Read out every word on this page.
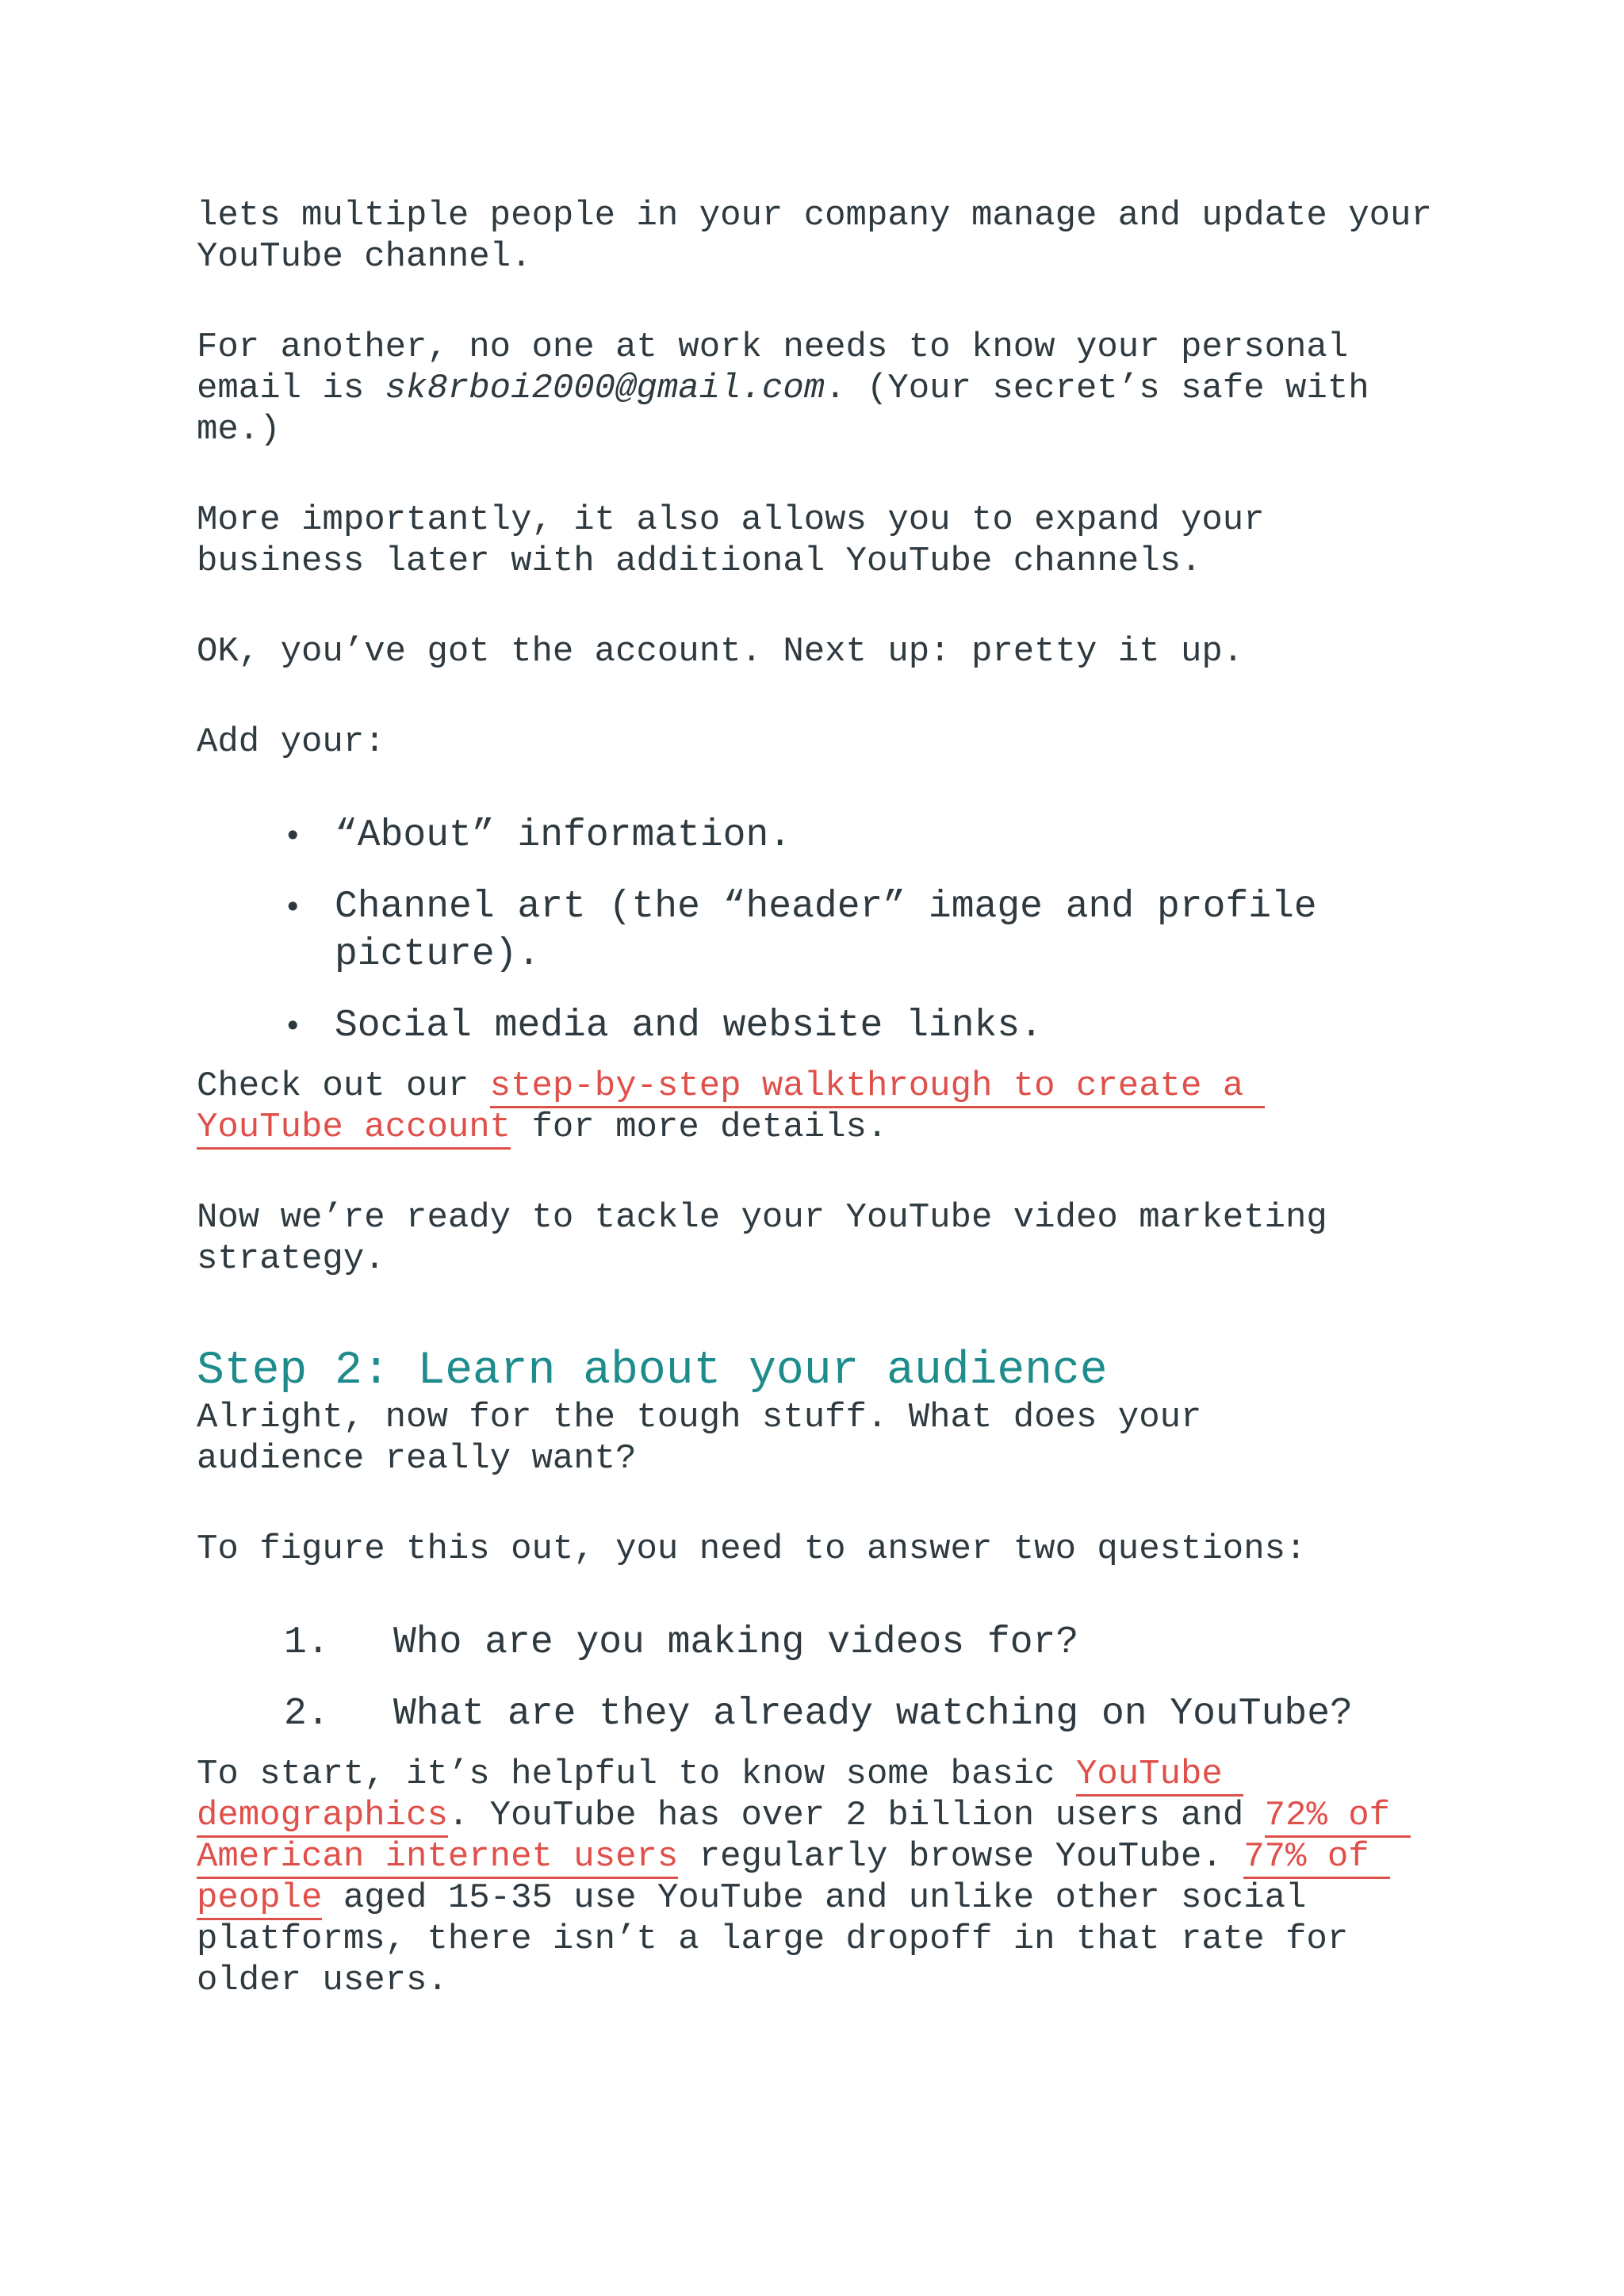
lets multiple people in your company manage and update your YouTube channel.

For another, no one at work needs to know your personal email is sk8rboi2000@gmail.com. (Your secret’s safe with me.)

More importantly, it also allows you to expand your business later with additional YouTube channels.

OK, you’ve got the account. Next up: pretty it up.

Add your:

• “About” information.
• Channel art (the “header” image and profile picture).
• Social media and website links.

Check out our step-by-step walkthrough to create a YouTube account for more details.

Now we’re ready to tackle your YouTube video marketing strategy.

Step 2: Learn about your audience

Alright, now for the tough stuff. What does your audience really want?

To figure this out, you need to answer two questions:

1. Who are you making videos for?
2. What are they already watching on YouTube?

To start, it’s helpful to know some basic YouTube demographics. YouTube has over 2 billion users and 72% of American internet users regularly browse YouTube. 77% of people aged 15-35 use YouTube and unlike other social platforms, there isn’t a large dropoff in that rate for older users.
